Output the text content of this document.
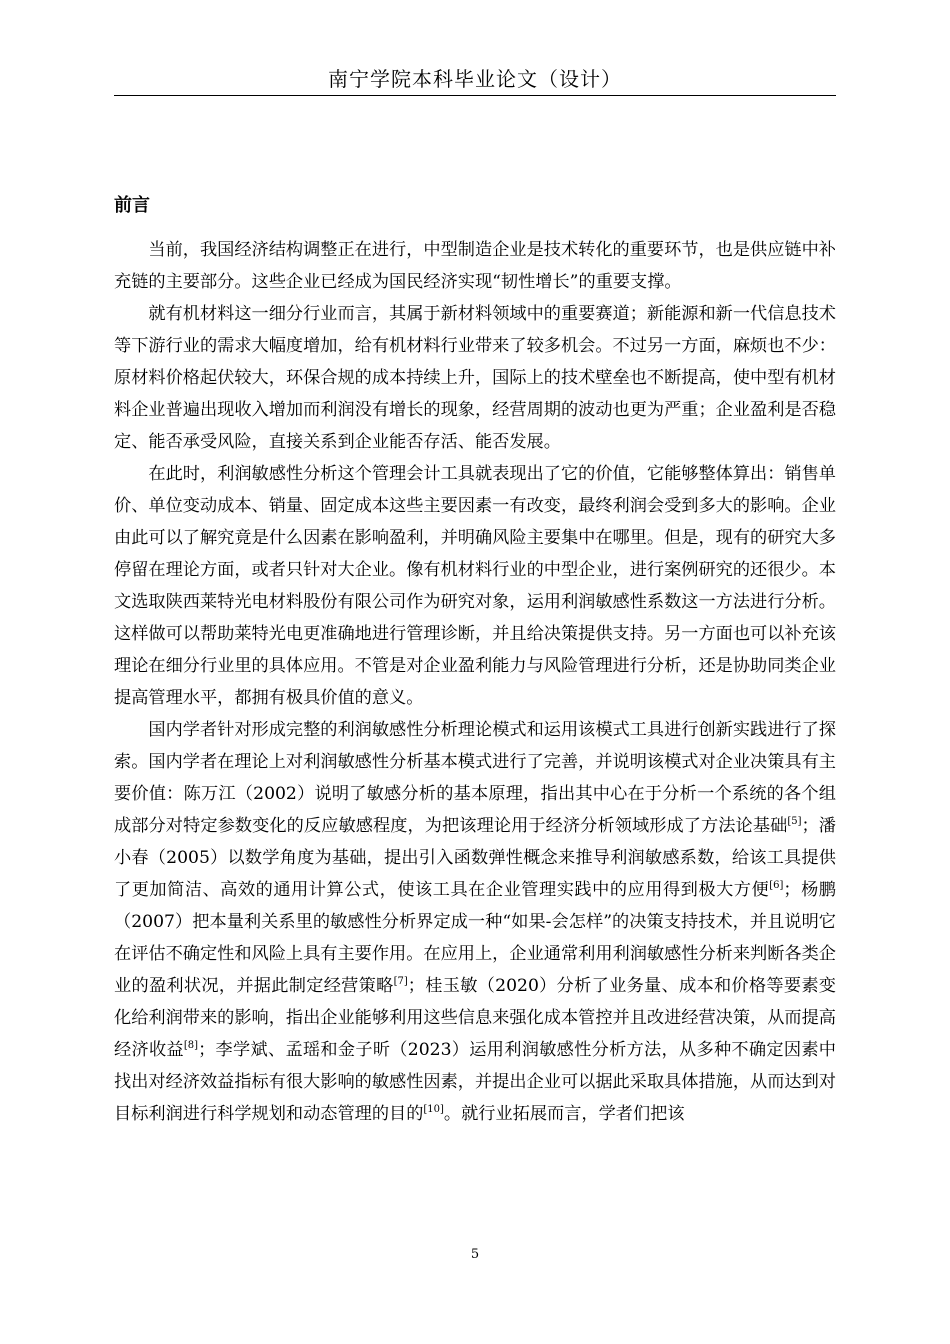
南宁学院本科毕业论文（设计）
前言

当前，我国经济结构调整正在进行，中型制造企业是技术转化的重要环节，也是供应链中补充链的主要部分。这些企业已经成为国民经济实现“韧性增长”的重要支撑。

就有机材料这一细分行业而言，其属于新材料领域中的重要赛道；新能源和新一代信息技术等下游行业的需求大幅度增加，给有机材料行业带来了较多机会。不过另一方面，麻烦也不少：原材料价格起伏较大，环保合规的成本持续上升，国际上的技术壁垒也不断提高，使中型有机材料企业普遍出现收入增加而利润没有增长的现象，经营周期的波动也更为严重；企业盈利是否稳定、能否承受风险，直接关系到企业能否存活、能否发展。

在此时，利润敏感性分析这个管理会计工具就表现出了它的价值，它能够整体算出：销售单价、单位变动成本、销量、固定成本这些主要因素一有改变，最终利润会受到多大的影响。企业由此可以了解究竟是什么因素在影响盈利，并明确风险主要集中在哪里。但是，现有的研究大多停留在理论方面，或者只针对大企业。像有机材料行业的中型企业，进行案例研究的还很少。本文选取陕西莱特光电材料股份有限公司作为研究对象，运用利润敏感性系数这一方法进行分析。这样做可以帮助莱特光电更准确地进行管理诊断，并且给决策提供支持。另一方面也可以补充该理论在细分行业里的具体应用。不管是对企业盈利能力与风险管理进行分析，还是协助同类企业提高管理水平，都拥有极具价值的意义。

国内学者针对形成完整的利润敏感性分析理论模式和运用该模式工具进行创新实践进行了探索。国内学者在理论上对利润敏感性分析基本模式进行了完善，并说明该模式对企业决策具有主要价值：陈万江（2002）说明了敏感分析的基本原理，指出其中心在于分析一个系统的各个组成部分对特定参数变化的反应敏感程度，为把该理论用于经济分析领域形成了方法论基础[5]；潘小春（2005）以数学角度为基础，提出引入函数弹性概念来推导利润敏感系数，给该工具提供了更加简洁、高效的通用计算公式，使该工具在企业管理实践中的应用得到极大方便[6]；杨鹏（2007）把本量利关系里的敏感性分析界定成一种“如果-会怎样”的决策支持技术，并且说明它在评估不确定性和风险上具有主要作用。在应用上，企业通常利用利润敏感性分析来判断各类企业的盈利状况，并据此制定经营策略[7]；桂玉敏（2020）分析了业务量、成本和价格等要素变化给利润带来的影响，指出企业能够利用这些信息来强化成本管控并且改进经营决策，从而提高经济收益[8]；李学斌、孟瑶和金子昕（2023）运用利润敏感性分析方法，从多种不确定因素中找出对经济效益指标有很大影响的敏感性因素，并提出企业可以据此采取具体措施，从而达到对目标利润进行科学规划和动态管理的目的[10]。就行业拓展而言，学者们把该

5
